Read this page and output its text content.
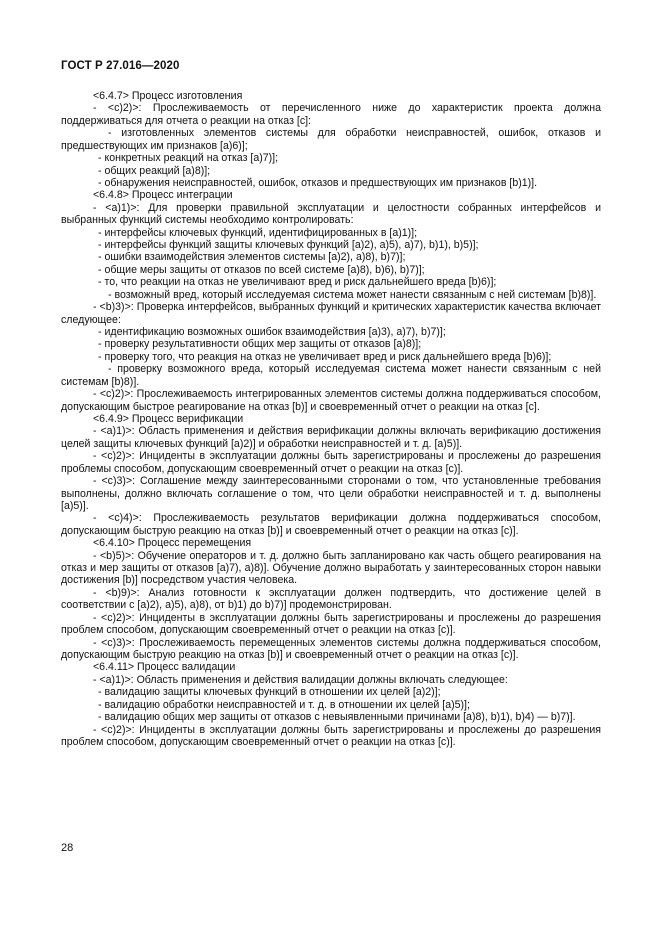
ГОСТ Р 27.016—2020

<6.4.7> Процесс изготовления

- <c)2)>: Прослеживаемость от перечисленного ниже до характеристик проекта должна поддерживаться для отчета о реакции на отказ [c]:

- изготовленных элементов системы для обработки неисправностей, ошибок, отказов и предшествующих им признаков [a)6)];

- конкретных реакций на отказ [a)7)];

- общих реакций [a)8)];

- обнаружения неисправностей, ошибок, отказов и предшествующих им признаков [b)1)].

<6.4.8> Процесс интеграции

- <a)1)>: Для проверки правильной эксплуатации и целостности собранных интерфейсов и выбранных функций системы необходимо контролировать:

- интерфейсы ключевых функций, идентифицированных в [a)1)];

- интерфейсы функций защиты ключевых функций [a)2), a)5), a)7), b)1), b)5)];

- ошибки взаимодействия элементов системы [a)2), a)8), b)7)];

- общие меры защиты от отказов по всей системе [a)8), b)6), b)7)];

- то, что реакции на отказ не увеличивают вред и риск дальнейшего вреда [b)6)];

- возможный вред, который исследуемая система может нанести связанным с ней системам [b)8)].

- <b)3)>: Проверка интерфейсов, выбранных функций и критических характеристик качества включает следующее:

- идентификацию возможных ошибок взаимодействия [a)3), a)7), b)7)];

- проверку результативности общих мер защиты от отказов [a)8)];

- проверку того, что реакция на отказ не увеличивает вред и риск дальнейшего вреда [b)6)];

- проверку возможного вреда, который исследуемая система может нанести связанным с ней системам [b)8)].

- <c)2)>: Прослеживаемость интегрированных элементов системы должна поддерживаться способом, допускающим быстрое реагирование на отказ [b)] и своевременный отчет о реакции на отказ [c].

<6.4.9> Процесс верификации

- <a)1)>: Область применения и действия верификации должны включать верификацию достижения целей защиты ключевых функций [a)2)] и обработки неисправностей и т. д. [a)5)].

- <c)2)>: Инциденты в эксплуатации должны быть зарегистрированы и прослежены до разрешения проблемы способом, допускающим своевременный отчет о реакции на отказ [c)].

- <c)3)>: Соглашение между заинтересованными сторонами о том, что установленные требования выполнены, должно включать соглашение о том, что цели обработки неисправностей и т. д. выполнены [a)5)].

- <c)4)>: Прослеживаемость результатов верификации должна поддерживаться способом, допускающим быструю реакцию на отказ [b)] и своевременный отчет о реакции на отказ [c)].

<6.4.10> Процесс перемещения

- <b)5)>: Обучение операторов и т. д. должно быть запланировано как часть общего реагирования на отказ и мер защиты от отказов [a)7), a)8)]. Обучение должно выработать у заинтересованных сторон навыки достижения [b)] посредством участия человека.

- <b)9)>: Анализ готовности к эксплуатации должен подтвердить, что достижение целей в соответствии с [a)2), a)5), a)8), от b)1) до b)7)] продемонстрирован.

- <c)2)>: Инциденты в эксплуатации должны быть зарегистрированы и прослежены до разрешения проблем способом, допускающим своевременный отчет о реакции на отказ [c)].

- <c)3)>: Прослеживаемость перемещенных элементов системы должна поддерживаться способом, допускающим быструю реакцию на отказ [b)] и своевременный отчет о реакции на отказ [c)].

<6.4.11> Процесс валидации

- <a)1)>: Область применения и действия валидации должны включать следующее:

- валидацию защиты ключевых функций в отношении их целей [a)2)];

- валидацию обработки неисправностей и т. д. в отношении их целей [a)5)];

- валидацию общих мер защиты от отказов с невыявленными причинами [a)8), b)1), b)4) — b)7)].

- <c)2)>: Инциденты в эксплуатации должны быть зарегистрированы и прослежены до разрешения проблем способом, допускающим своевременный отчет о реакции на отказ [c)].

28
